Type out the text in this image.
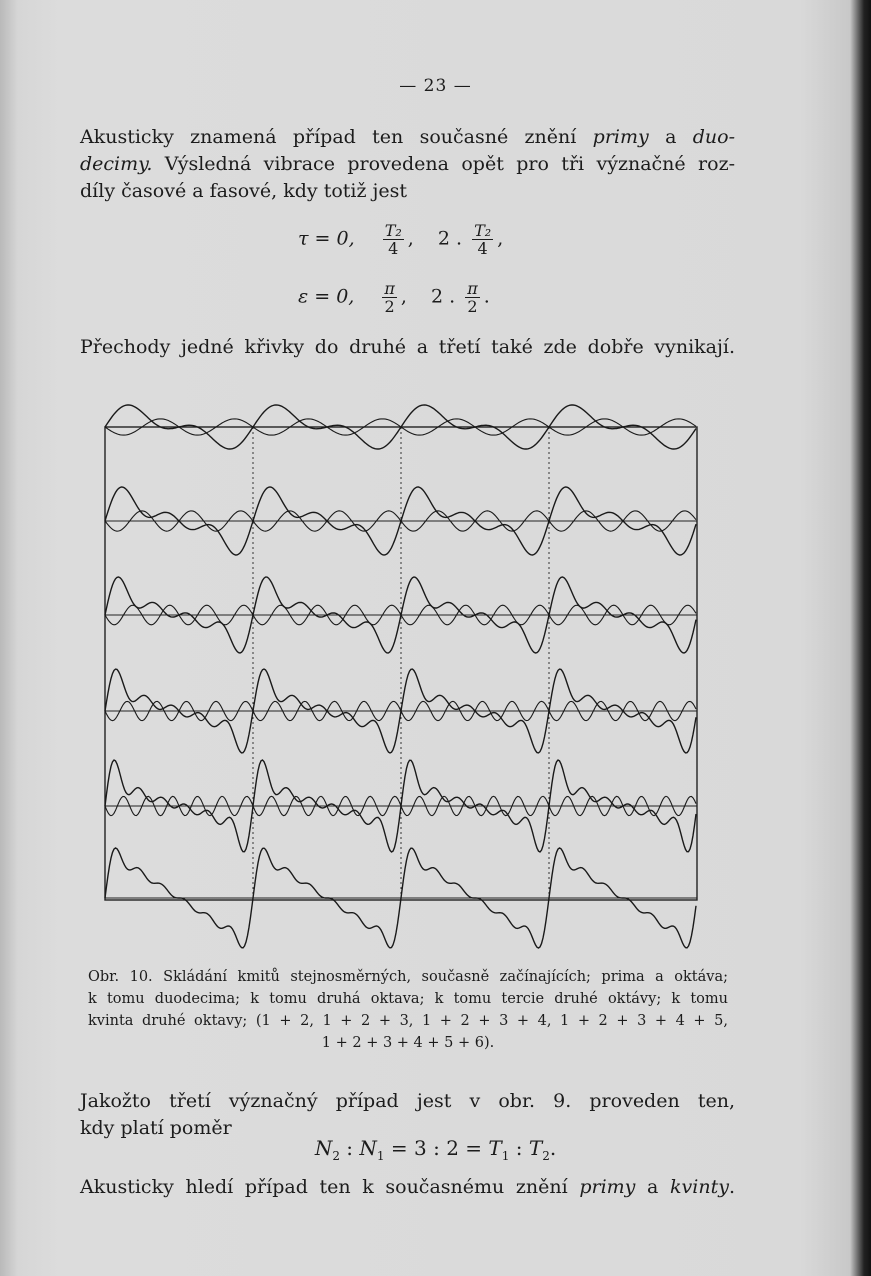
— 23 —

Akusticky znamená případ ten současné znění primy a duo-

decimy. Výsledná vibrace provedena opět pro tři význačné roz-

díly časové a fasové, kdy totiž jest

τ = 0, $\frac{\text{T₂}}{4}$ , 2 . $\frac{\text{T₂}}{4}$ ,
ε = 0, $\frac{\pi}{2}$ , 2 . $\frac{\pi}{2}$ .

Přechody jedné křivky do druhé a třetí také zde dobře vynikají.

Obr. 10. Skládání kmitů stejnosměrných, současně začínajících; prima a oktáva;
k tomu duodecima; k tomu druhá oktava; k tomu tercie druhé oktávy; k tomu
kvinta druhé oktavy; (1 + 2, 1 + 2 + 3, 1 + 2 + 3 + 4, 1 + 2 + 3 + 4 + 5,
1 + 2 + 3 + 4 + 5 + 6).

Jakožto třetí význačný případ jest v obr. 9. proveden ten,

kdy platí poměr

$N_2$ : $N_1 = 3$ : $2 = T_1$ : $T_2$.

Akusticky hledí případ ten k současnému znění primy a kvinty.
